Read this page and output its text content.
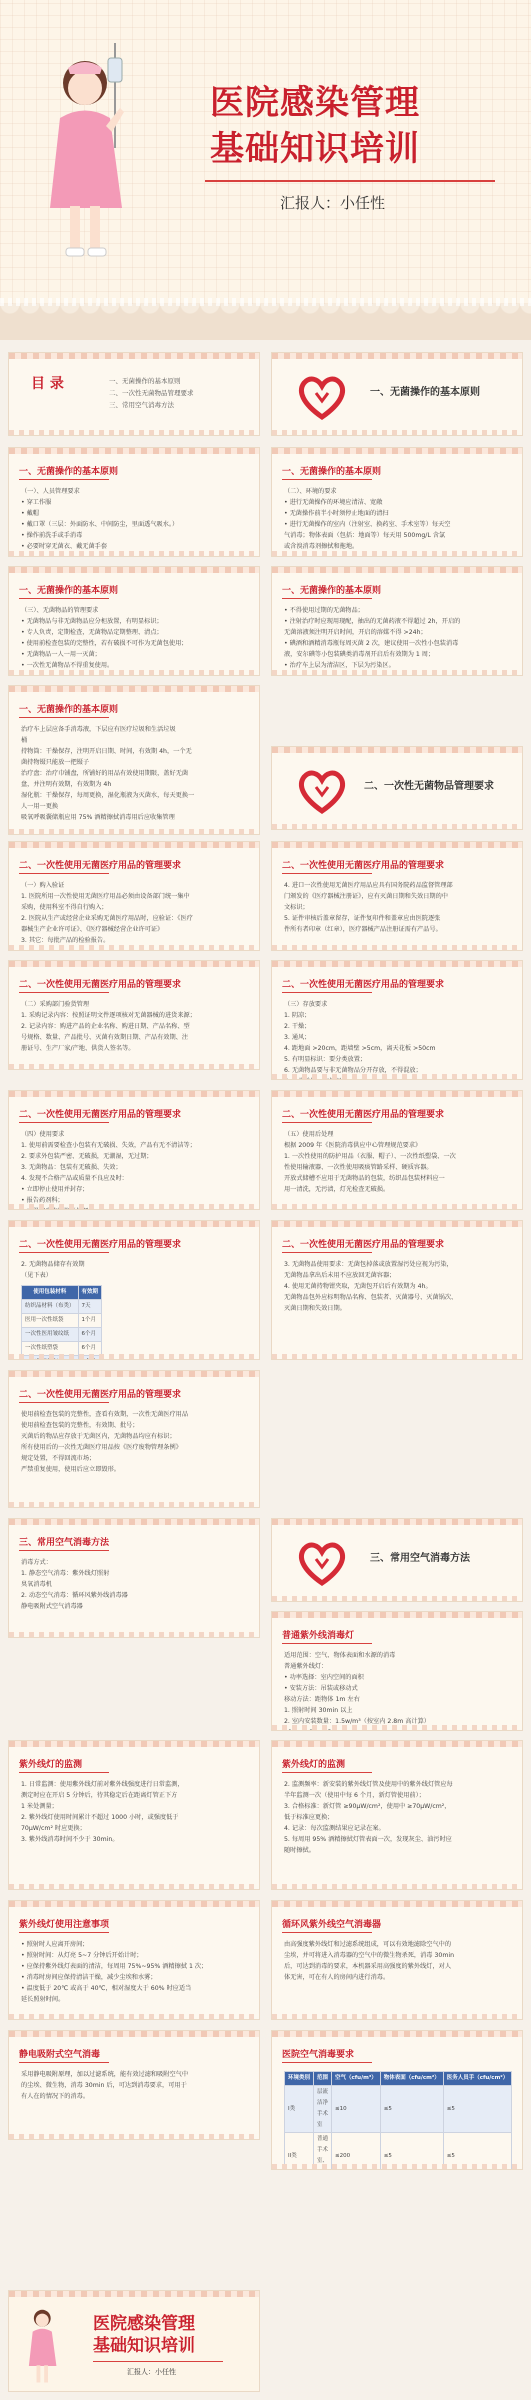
医院感染管理
基础知识培训
汇报人：小任性
目 录	一、无菌操作的基本原则
二、一次性无菌物品管理要求
三、常用空气消毒方法
一、无菌操作的基本原则
一、无菌操作的基本原则
（一）、人员管理要求
• 穿工作服
• 戴帽
• 戴口罩（三层：外面防水、中间防尘，里面透气吸水。）
• 操作前洗手或手消毒
• 必要时穿无菌衣、戴无菌手套
一、无菌操作的基本原则
（二）、环境的要求
• 进行无菌操作的环境应清洁、宽敞
• 无菌操作前半小时须停止地面的清扫
• 进行无菌操作的室内（注射室、换药室、手术室等）每天空
气消毒；物体表面（包括：地面等）每天用 500mg/L 含氯
或含溴消毒剂擦拭和拖地。
一、无菌操作的基本原则
（三）、无菌物品的管理要求
• 无菌物品与非无菌物品应分柜放置，有明显标识；
• 专人负责，定期检查，无菌物品定期整理、清点；
• 使用前检查包装的完整性，若有破损不可作为无菌包使用；
• 无菌物品一人一用一灭菌；
• 一次性无菌物品不得重复使用。
一、无菌操作的基本原则
• 不得使用过期的无菌物品；
• 注射治疗时应现用现配，抽出的无菌药液不得超过 2h，开启的
无菌溶液须注明开启时间，开启的溶媒不得 >24h；
• 碘酒和酒精消毒瓶每周灭菌 2 次，建议使用一次性小包装消毒
液，安尔碘等小包装碘类消毒剂开启后有效期为 1 周；
• 治疗车上层为清洁区，下层为污染区。
一、无菌操作的基本原则
治疗车上层应备手消毒液，下层应有医疗垃圾和生活垃圾
桶
持物筒：干燥保存，注明开启日期、时间，有效期 4h，一个无
菌持物镊只能放一把镊子
治疗盘：治疗巾铺盘，所铺好的用品有效使用期限，盖好无菌
盘，并注明有效期，有效期为 4h
湿化瓶：干燥保存，每周更换，湿化瓶液为灭菌水，每天更换一
人一用一更换
吸氧呼吸囊储瓶应用 75% 酒精擦拭消毒用后应收集管理
二、一次性使用无菌医疗用品的管理要求
（一）购入验证
1. 医院所用一次性使用无菌医疗用品必须由设备部门统一集中
采购，使用科室不得自行购入；
2. 医院从生产或经营企业采购无菌医疗用品时，应验证：《医疗
器械生产企业许可证》、《医疗器械经营企业许可证》
3. 其它：每批产品的检验报告。
二、一次性使用无菌医疗用品的管理要求
4. 进口一次性使用无菌医疗用品应具有国务院药品监督管理部
门颁发的《医疗器械注册证》，应有灭菌日期和失效日期的中
文标识；
5. 证件审核后盖章留存，证件复印件和盖章应由医院逐张
件所有者印章（红章），医疗器械产品注册证需有产品号。
二、一次性使用无菌医疗用品的管理要求
（二）采购部门验货管理
1. 采购记录内容：按照证明文件逐项核对无菌器械的进货来源；
2. 记录内容：购进产品的企业名称、购进日期、产品名称、型
号规格、数量、产品批号、灭菌有效期日期、产品有效期、注
册证号、生产厂家/产地、供货人签名等。
二、一次性使用无菌医疗用品的管理要求
（三）存放要求
1. 阴凉；
2. 干燥；
3. 通风；
4. 距地面 >20cm，距墙壁 >5cm，离天花板 >50cm
5. 有明显标识：要分类放置；
6. 无菌物品要与非无菌物品分开存放，不得混放；
二、一次性使用无菌医疗用品的管理要求
（四）使用要求
1. 使用前需要检查小包装有无破损、失效，产品有无不清洁等；
2. 要求外包装严密、无破损，无潮湿，无过期；
3. 无菌物品：包装有无破损、失效；
4. 发现不合格产品或质量不良应及时：
• 立即停止使用并封存；
• 报告药剂科；
二、一次性使用无菌医疗用品的管理要求
（五）使用后处理
根据 2009 年《医院消毒供应中心管理规范要求》
1. 一次性使用的防护用品（衣服、帽子）、一次性纸塑袋、一次
性使用输液器、一次性使用吸痰管路采样、硬质容器。
开放式储槽不应用于无菌物品的包装，纺织品包装材料应一
用一清洗，无污渍，灯光检查无破损。
二、一次性使用无菌医疗用品的管理要求
2. 无菌物品储存有效期
（见下表）
使用包装材料	有效期
纺织品材料（布类）	7天
医用一次性纸袋	1个月
一次性医用皱纹纸	6个月
一次性纸塑袋	6个月

二、一次性使用无菌医疗用品的管理要求
3. 无菌物品使用要求：无菌包掉落或放置湿污处应视为污染，
无菌物品拿出后未用不应放回无菌容器；
4. 使用无菌持物钳夹取，无菌包开启后有效期为 4h。
无菌物品包外应标明物品名称、包装者、灭菌器号、灭菌锅次、
灭菌日期和失效日期。
二、一次性使用无菌医疗用品的管理要求
使用前检查包装的完整性，查看有效期，一次性无菌医疗用品
使用前检查包装的完整性，有效期、批号；
灭菌后的物品应存放于无菌区内，无菌物品均应有标识；
所有使用后的一次性无菌医疗用品按《医疗废物管理条例》
规定处置，不得回流市场；
严禁重复使用，使用后应立即毁形。
三、常用空气消毒方法
消毒方式：
1. 静态空气消毒：紫外线灯照射
臭氧消毒机
2. 动态空气消毒：循环风紫外线消毒器
静电吸附式空气消毒器
普通紫外线消毒灯
适用范围：空气、物体表面和水源的消毒
普通紫外线灯：
• 功率选择：室内空间的面积
• 安装方法：吊装或移动式
移动方法：距物体 1m 左右
1. 照射时间 30min 以上
2. 室内安装数量：1.5w/m³（按室内 2.8m 高计算）
紫外线灯的监测
1. 日常监测：使用紫外线灯前对紫外线强度进行日常监测，
测定时应在开启 5 分钟后，待其稳定后在距离灯管正下方
1 米处测量；
2. 紫外线灯使用时间累计不超过 1000 小时，或强度低于
70μW/cm² 时应更换；
3. 紫外线消毒时间不少于 30min。
紫外线灯的监测
2. 监测频率：新安装的紫外线灯管及使用中的紫外线灯管应每
半年监测一次（使用中每 6 个月，新灯管使用前）；
3. 合格标准：新灯管 ≥90μW/cm²，使用中 ≥70μW/cm²，
低于标准应更换；
4. 记录：每次监测结果应记录在案。
5. 每周用 95% 酒精擦拭灯管表面一次，发现灰尘、油污时应
随时擦拭。
紫外线灯使用注意事项
• 照射时人应离开房间；
• 照射时间：从灯亮 5~7 分钟后开始计时；
• 应保持紫外线灯表面的清洁，每周用 75%~95% 酒精擦拭 1 次；
• 消毒时房间应保持清洁干燥，减少尘埃和水雾；
• 温度低于 20℃ 或高于 40℃，相对湿度大于 60% 时应适当
延长照射时间。
循环风紫外线空气消毒器
由高强度紫外线灯和过滤系统组成，可以有效地滤除空气中的
尘埃，并可将进入消毒器的空气中的微生物杀死，消毒 30min
后，可达到消毒的要求，本机器采用高强度的紫外线灯，对人
体无害，可在有人的房间内进行消毒。
静电吸附式空气消毒
采用静电吸附原理，加以过滤系统，能有效过滤和吸附空气中
的尘埃、微生物，消毒 30min 后，可达到消毒要求，可用于
有人在的情况下的消毒。
医院空气消毒要求
环境类别	范围	空气（cfu/m³）	物体表面（cfu/cm²）	医务人员手（cfu/cm²）
I类	层流洁净手术室	≤10	≤5	≤5
II类	普通手术室、	≤200	≤5	≤5

二、一次性无菌物品管理要求
三、常用空气消毒方法
医院感染管理
基础知识培训
汇报人：小任性
